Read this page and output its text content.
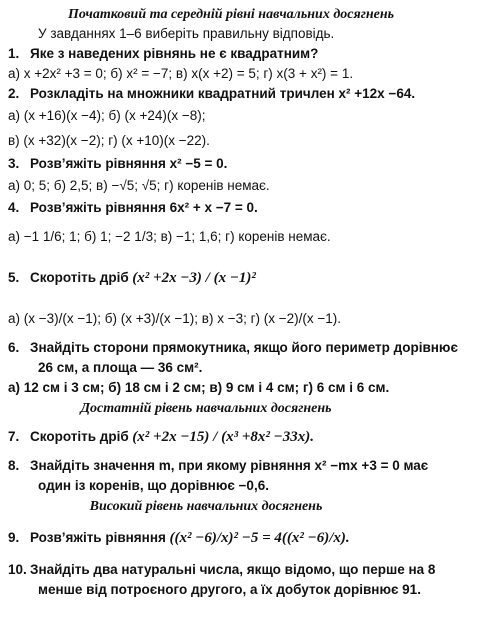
Початковий та середній рівні навчальних досягнень
У завданнях 1–6 виберіть правильну відповідь.
1. Яке з наведених рівнянь не є квадратним?
а) x +2x² +3 = 0; б) x² = −7; в) x(x +2) = 5; г) x(3 + x²) = 1.
2. Розкладіть на множники квадратний тричлен x² +12x −64.
а) (x +16)(x −4); б) (x +24)(x −8);
в) (x +32)(x −2); г) (x +10)(x −22).
3. Розв’яжіть рівняння x² −5 = 0.
а) 0; 5; б) 2,5; в) −√5; √5; г) коренів немає.
4. Розв’яжіть рівняння 6x² + x −7 = 0.
а) −1 1/6; 1; б) 1; −2 1/3; в) −1; 1,6; г) коренів немає.
5. Скоротіть дріб (x² +2x −3) / (x −1)²
а) (x −3)/(x −1); б) (x +3)/(x −1); в) x −3; г) (x −2)/(x −1).
6. Знайдіть сторони прямокутника, якщо його периметр дорівнює
26 см, а площа — 36 см².
а) 12 см і 3 см; б) 18 см і 2 см; в) 9 см і 4 см; г) 6 см і 6 см.
Достатній рівень навчальних досягнень
7. Скоротіть дріб (x² +2x −15) / (x³ +8x² −33x).
8. Знайдіть значення m, при якому рівняння x² −mx +3 = 0 має
один із коренів, що дорівнює −0,6.
Високий рівень навчальних досягнень
9. Розв’яжіть рівняння ((x² −6)/x)² −5 = 4((x² −6)/x).
10. Знайдіть два натуральні числа, якщо відомо, що перше на 8
менше від потроєного другого, а їх добуток дорівнює 91.
